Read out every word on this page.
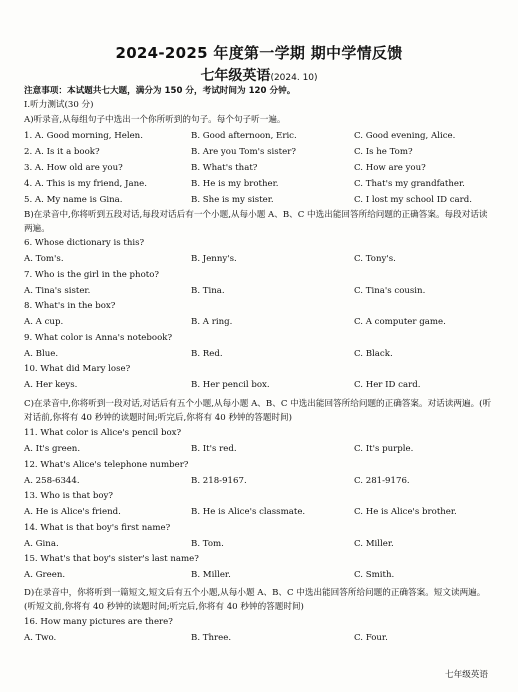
2024-2025 年度第一学期 期中学情反馈
七年级英语(2024. 10)
注意事项：本试题共七大题，满分为 150 分，考试时间为 120 分钟。
Ⅰ.听力测试(30 分)
A)听录音,从每组句子中选出一个你所听到的句子。每个句子听一遍。
1. A. Good morning, Helen.	B. Good afternoon, Eric.	C. Good evening, Alice.
2. A. Is it a book?	B. Are you Tom's sister?	C. Is he Tom?
3. A. How old are you?	B. What's that?	C. How are you?
4. A. This is my friend, Jane.	B. He is my brother.	C. That's my grandfather.
5. A. My name is Gina.	B. She is my sister.	C. I lost my school ID card.
B)在录音中,你将听到五段对话,每段对话后有一个小题,从每小题 A、B、C 中选出能回答所给问题的正确答案。每段对话读两遍。
6. Whose dictionary is this?
A. Tom's.	B. Jenny's.	C. Tony's.
7. Who is the girl in the photo?
A. Tina's sister.	B. Tina.	C. Tina's cousin.
8. What's in the box?
A. A cup.	B. A ring.	C. A computer game.
9. What color is Anna's notebook?
A. Blue.	B. Red.	C. Black.
10. What did Mary lose?
A. Her keys.	B. Her pencil box.	C. Her ID card.
C)在录音中,你将听到一段对话,对话后有五个小题,从每小题 A、B、C 中选出能回答所给问题的正确答案。对话读两遍。(听对话前,你将有 40 秒钟的读题时间;听完后,你将有 40 秒钟的答题时间)
11. What color is Alice's pencil box?
A. It's green.	B. It's red.	C. It's purple.
12. What's Alice's telephone number?
A. 258-6344.	B. 218-9167.	C. 281-9176.
13. Who is that boy?
A. He is Alice's friend.	B. He is Alice's classmate.	C. He is Alice's brother.
14. What is that boy's first name?
A. Gina.	B. Tom.	C. Miller.
15. What's that boy's sister's last name?
A. Green.	B. Miller.	C. Smith.
D)在录音中，你将听到一篇短文,短文后有五个小题,从每小题 A、B、C 中选出能回答所给问题的正确答案。短文读两遍。(听短文前,你将有 40 秒钟的读题时间;听完后,你将有 40 秒钟的答题时间)
16. How many pictures are there?
A. Two.	B. Three.	C. Four.
七年级英语
